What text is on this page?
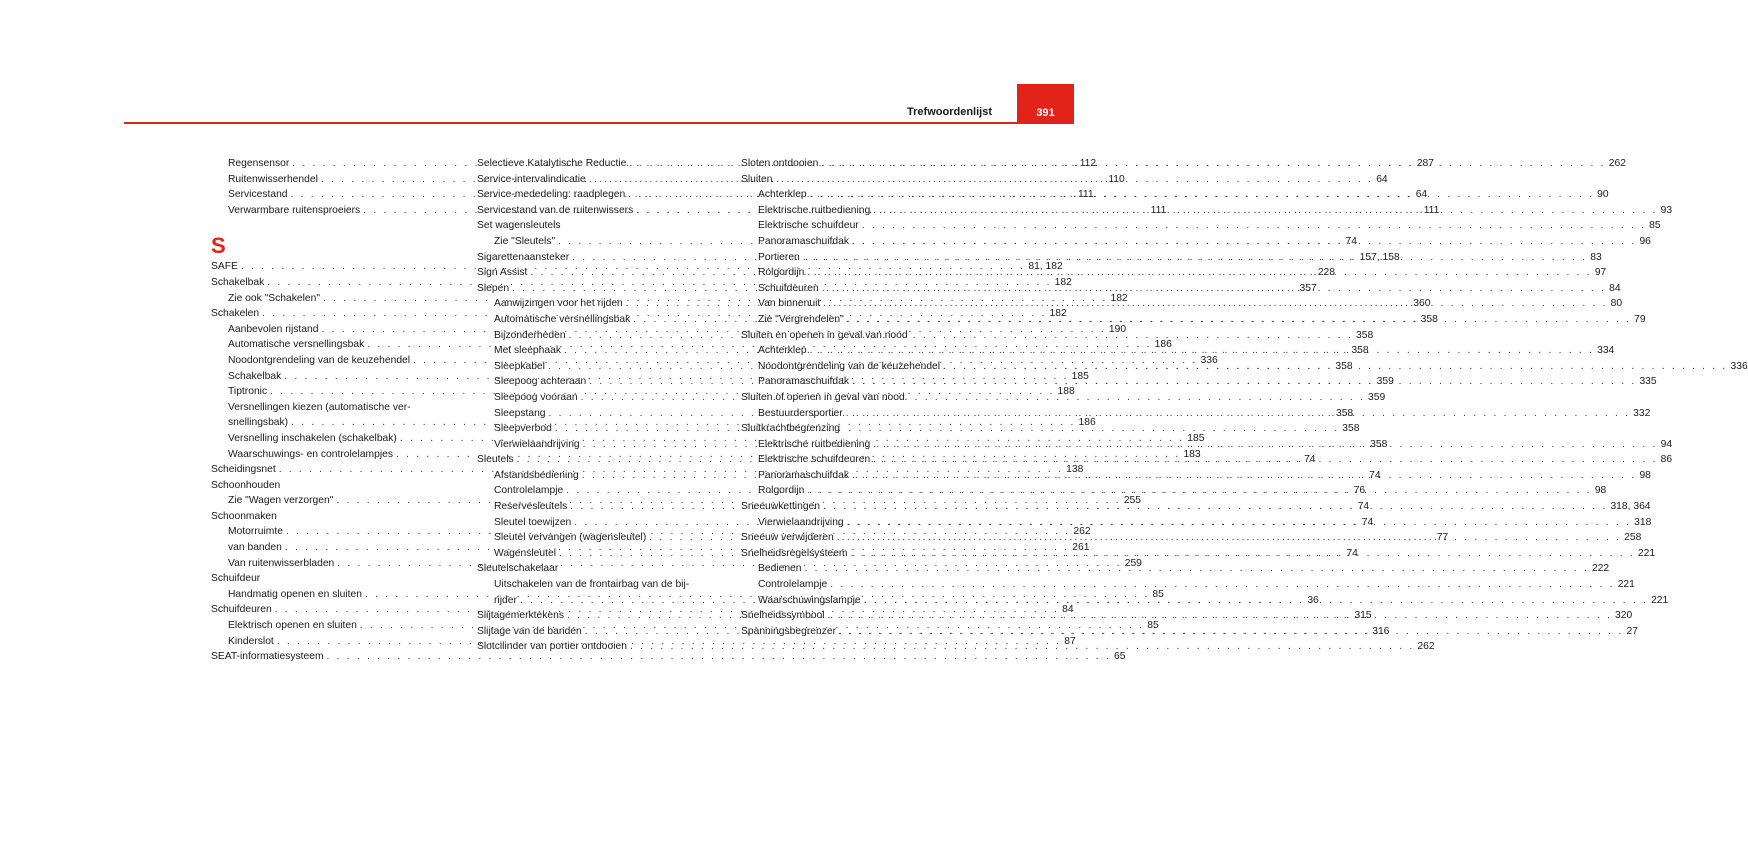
391
Trefwoordenlijst
Regensensor . . .	112
Ruitenwisserhendel . . .	110
Servicestand . . .	111
Verwarmbare ruitensproeiers . . .	111
S
SAFE . . .	81, 182
Schakelbak . . .	182
Zie ook "Schakelen" . . .	182
Schakelen . . .	182
Aanbevolen rijstand . . .	190
Automatische versnellingsbak . . .	186
Noodontgrendeling van de keuzehendel . . .	336
Schakelbak . . .	185
Tiptronic . . .	188
Versnellingen kiezen (automatische ver-
snellingsbak) . . .	186
Versnelling inschakelen (schakelbak) . . .	185
Waarschuwings- en controlelampjes . . .	183
Scheidingsnet . . .	138
Schoonhouden
Zie "Wagen verzorgen" . . .	255
Schoonmaken
Motorruimte . . .	262
van banden . . .	261
Van ruitenwisserbladen . . .	259
Schuifdeur
Handmatig openen en sluiten . . .	85
Schuifdeuren . . .	84
Elektrisch openen en sluiten . . .	85
Kinderslot . . .	87
SEAT-informatiesysteem . . .	65
Selectieve Katalytische Reductie . . .	287
Service-intervalindicatie . . .	64
Service-mededeling: raadplegen . . .	64
Servicestand van de ruitenwissers . . .	111
Set wagensleutels
Zie "Sleutels" . . .	74
Sigarettenaansteker . . .	157, 158
Sign Assist . . .	228
Slepen . . .	357
Aanwijzingen voor het rijden . . .	360
Automatische versnellingsbak . . .	358
Bijzonderheden . . .	358
Met sleephaak . . .	358
Sleepkabel . . .	358
Sleepoog achteraan . . .	359
Sleepoog vooraan . . .	359
Sleepstang . . .	358
Sleepverbod . . .	358
Vierwielaandrijving . . .	358
Sleutels . . .	74
Afstandsbediening . . .	74
Controlelampje . . .	76
Reservesleutels . . .	74
Sleutel toewijzen . . .	74
Sleutel vervangen (wagensleutel) . . .	77
Wagensleutel . . .	74
Sleutelschakelaar
Uitschakelen van de frontairbag van de bij-
rijder . . .	36
Slijtagemerktekens . . .	315
Slijtage van de banden . . .	316
Slotcilinder van portier ontdooien . . .	262
Sloten ontdooien . . .	262
Sluiten
Achterklep . . .	90
Elektrische ruitbediening . . .	93
Elektrische schuifdeur . . .	85
Panoramaschuifdak . . .	96
Portieren . . .	83
Rolgordijn . . .	97
Schuifdeuren . . .	84
Van binnenuit . . .	80
Zie "Vergrendelen" . . .	79
Sluiten en openen in geval van nood
Achterklep . . .	334
Noodontgrendeling van de keuzehendel . . .	336
Panoramaschuifdak . . .	335
Sluiten of openen in geval van nood
Bestuurdersportier . . .	332
Sluitkrachtbegrenzing
Elektrische ruitbediening . . .	94
Elektrische schuifdeuren . . .	86
Panoramaschuifdak . . .	98
Rolgordijn . . .	98
Sneeuwkettingen . . .	318, 364
Vierwielaandrijving . . .	318
Sneeuw verwijderen . . .	258
Snelheidsregelsysteem . . .	221
Bedienen . . .	222
Controlelampje . . .	221
Waarschuwingslampje . . .	221
Snelheidssymbool . . .	320
Spanningsbegrenzer . . .	27
